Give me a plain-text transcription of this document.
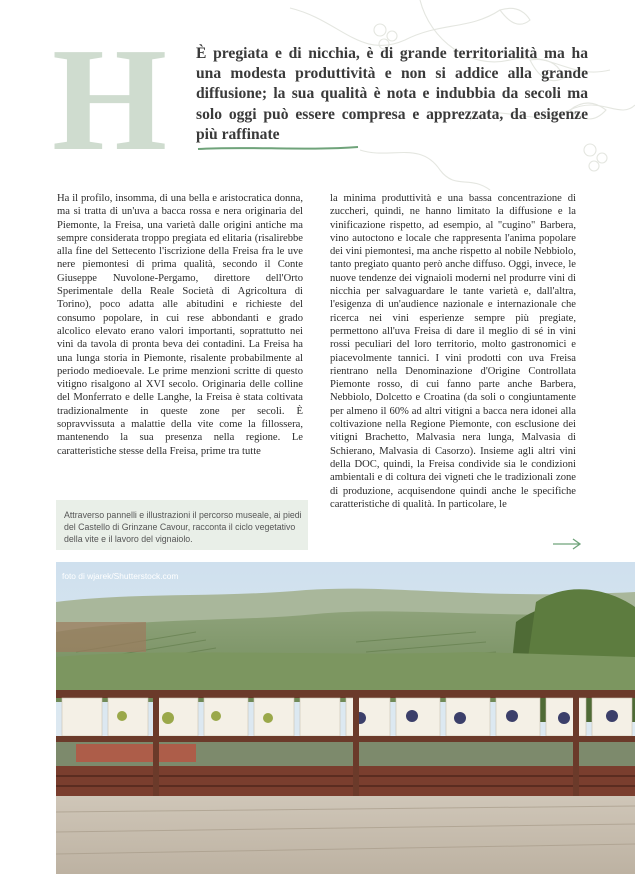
H	È pregiata e di nicchia, è di grande territorialità ma ha una modesta produttività e non si addice alla grande diffusione; la sua qualità è nota e indubbia da secoli ma solo oggi può essere compresa e apprezzata, da esigenze più raffinate

Ha il profilo, insomma, di una bella e aristocratica donna, ma si tratta di un'uva a bacca rossa e nera originaria del Piemonte, la Freisa, una varietà dalle origini antiche ma sempre considerata troppo pregiata ed elitaria (risalirebbe alla fine del Settecento l'iscrizione della Freisa fra le uve nere piemontesi di prima qualità, secondo il Conte Giuseppe Nuvolone-Pergamo, direttore dell'Orto Sperimentale della Reale Società di Agricoltura di Torino), poco adatta alle abitudini e richieste del consumo popolare, in cui rese abbondanti e grado alcolico elevato erano valori importanti, soprattutto nei vini da tavola di pronta beva dei contadini. La Freisa ha una lunga storia in Piemonte, risalente probabilmente al periodo medioevale. Le prime menzioni scritte di questo vitigno risalgono al XVI secolo. Originaria delle colline del Monferrato e delle Langhe, la Freisa è stata coltivata tradizionalmente in queste zone per secoli. È sopravvissuta a malattie della vite come la fillossera, mantenendo la sua presenza nella regione. Le caratteristiche stesse della Freisa, prime tra tutte

la minima produttività e una bassa concentrazione di zuccheri, quindi, ne hanno limitato la diffusione e la vinificazione rispetto, ad esempio, al "cugino" Barbera, vino autoctono e locale che rappresenta l'anima popolare dei vini piemontesi, ma anche rispetto al nobile Nebbiolo, tanto pregiato quanto però anche diffuso. Oggi, invece, le nuove tendenze dei vignaioli moderni nel produrre vini di nicchia per salvaguardare le tante varietà e, dall'altra, l'esigenza di un'audience nazionale e internazionale che ricerca nei vini esperienze sempre più pregiate, permettono all'uva Freisa di dare il meglio di sé in vini rossi peculiari del loro territorio, molto gastronomici e piacevolmente tannici. I vini prodotti con uva Freisa rientrano nella Denominazione d'Origine Controllata Piemonte rosso, di cui fanno parte anche Barbera, Nebbiolo, Dolcetto e Croatina (da soli o congiuntamente per almeno il 60% ad altri vitigni a bacca nera idonei alla coltivazione nella Regione Piemonte, con esclusione dei vitigni Brachetto, Malvasia nera lunga, Malvasia di Schierano, Malvasia di Casorzo). Insieme agli altri vini della DOC, quindi, la Freisa condivide sia le condizioni ambientali e di coltura dei vigneti che le tradizionali zone di produzione, acquisendone quindi anche le specifiche caratteristiche di qualità. In particolare, le

Attraverso pannelli e illustrazioni il percorso museale, ai piedi del Castello di Grinzane Cavour, racconta il ciclo vegetativo della vite e il lavoro del vignaiolo.
foto di wjarek/Shutterstock.com
